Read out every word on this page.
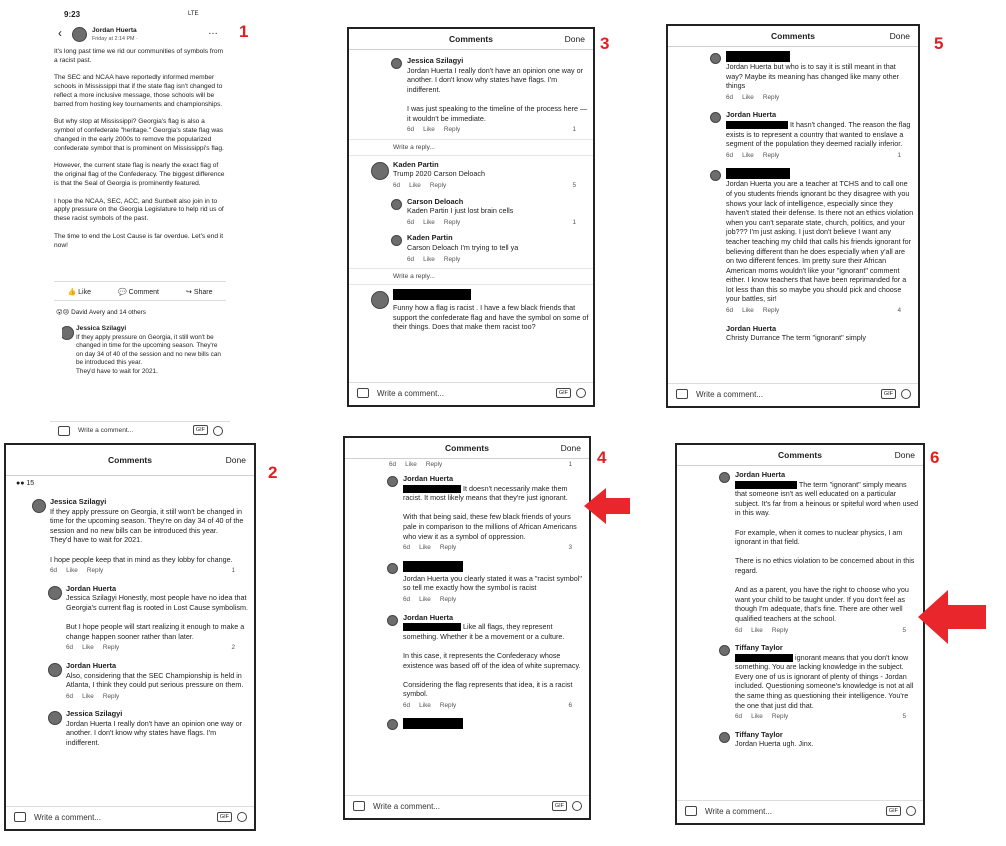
9:23	LTE
‹	Jordan Huerta
Friday at 2:14 PM ·
…
It's long past time we rid our communities of symbols from a racist past.

The SEC and NCAA have reportedly informed member schools in Mississippi that if the state flag isn't changed to reflect a more inclusive message, those schools will be barred from hosting key tournaments and championships.

But why stop at Mississippi? Georgia's flag is also a symbol of confederate "heritage." Georgia's state flag was changed in the early 2000s to remove the popularized confederate symbol that is prominent on Mississippi's flag.

However, the current state flag is nearly the exact flag of the original flag of the Confederacy. The biggest difference is that the Seal of Georgia is prominently featured.

I hope the NCAA, SEC, ACC, and Sunbelt also join in to apply pressure on the Georgia Legislature to help rid us of these racist symbols of the past.

The time to end the Lost Cause is far overdue. Let's end it now!
👍 Like	💬 Comment	↪ Share
😮😢 David Avery and 14 others
Jessica Szilagyi
If they apply pressure on Georgia, it still won't be changed in time for the upcoming season. They're on day 34 of 40 of the session and no new bills can be introduced this year.
They'd have to wait for 2021.
Write a comment...	GIF
1
Comments	Done
●● 15
Jessica Szilagyi
If they apply pressure on Georgia, it still won't be changed in time for the upcoming season. They're on day 34 of 40 of the session and no new bills can be introduced this year.
They'd have to wait for 2021.

I hope people keep that in mind as they lobby for change.
6d Like Reply	1
Jordan Huerta
Jessica Szilagyi Honestly, most people have no idea that Georgia's current flag is rooted in Lost Cause symbolism.

But I hope people will start realizing it enough to make a change happen sooner rather than later.
6d Like Reply	2
Jordan Huerta
Also, considering that the SEC Championship is held in Atlanta, I think they could put serious pressure on them.
6d Like Reply
Jessica Szilagyi
Jordan Huerta I really don't have an opinion one way or another. I don't know why states have flags. I'm indifferent.
Write a comment...	GIF
2
Comments	Done
Jessica Szilagyi
Jordan Huerta I really don't have an opinion one way or another. I don't know why states have flags. I'm indifferent.

I was just speaking to the timeline of the process here — it wouldn't be immediate.
6d Like Reply	1
Write a reply...
Kaden Partin
Trump 2020 Carson Deloach
6d Like Reply	5
Carson Deloach
Kaden Partin I just lost brain cells
6d Like Reply	1
Kaden Partin
Carson Deloach I'm trying to tell ya
6d Like Reply
Write a reply...
Funny how a flag is racist . I have a few black friends that support the confederate flag and have the symbol on some of their things. Does that make them racist too?
Write a comment...	GIF
3
Comments	Done
6d Like Reply	1
Jordan Huerta
It doesn't necessarily make them racist. It most likely means that they're just ignorant.

With that being said, these few black friends of yours pale in comparison to the millions of African Americans who view it as a symbol of oppression.
6d Like Reply	3
Jordan Huerta you clearly stated it was a "racist symbol" so tell me exactly how the symbol is racist
6d Like Reply
Jordan Huerta
Like all flags, they represent something. Whether it be a movement or a culture.

In this case, it represents the Confederacy whose existence was based off of the idea of white supremacy.

Considering the flag represents that idea, it is a racist symbol.
6d Like Reply	6
Write a comment...	GIF
4
Comments	Done
Jordan Huerta but who is to say it is still meant in that way? Maybe its meaning has changed like many other things
6d Like Reply
Jordan Huerta
It hasn't changed. The reason the flag exists is to represent a country that wanted to enslave a segment of the population they deemed racially inferior.
6d Like Reply	1
Jordan Huerta you are a teacher at TCHS and to call one of you students friends ignorant bc they disagree with you shows your lack of intelligence, especially since they haven't stated their defense. Is there not an ethics violation when you can't separate state, church, politics, and your job??? I'm just asking. I just don't believe I want any teacher teaching my child that calls his friends ignorant for believing different than he does especially when y'all are on two different fences. Im pretty sure their African American moms wouldn't like your "ignorant" comment either. I know teachers that have been reprimanded for a lot less than this so maybe you should pick and choose your battles, sir!
6d Like Reply	4
Jordan Huerta
Christy Durrance The term "ignorant" simply
Write a comment...	GIF
5
Comments	Done
Jordan Huerta
The term "ignorant" simply means that someone isn't as well educated on a particular subject. It's far from a heinous or spiteful word when used in this way.

For example, when it comes to nuclear physics, I am ignorant in that field.

There is no ethics violation to be concerned about in this regard.

And as a parent, you have the right to choose who you want your child to be taught under. If you don't feel as though I'm adequate, that's fine. There are other well qualified teachers at the school.
6d Like Reply	5
Tiffany Taylor
ignorant means that you don't know something. You are lacking knowledge in the subject. Every one of us is ignorant of plenty of things - Jordan included. Questioning someone's knowledge is not at all the same thing as questioning their intelligence. You're the one that just did that.
6d Like Reply	5
Tiffany Taylor
Jordan Huerta ugh. Jinx.
Write a comment...	GIF
6
